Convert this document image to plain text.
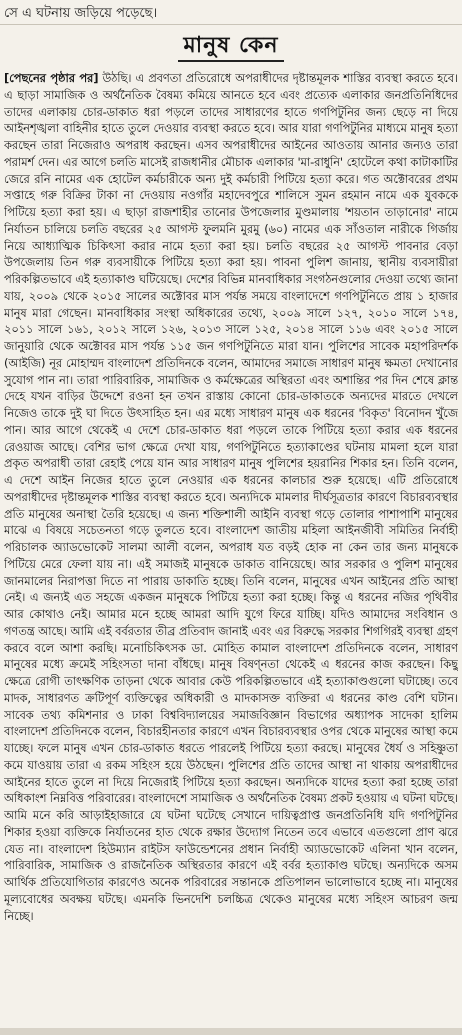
সে এ ঘটনায় জড়িয়ে পড়েছে।
মানুষ কেন
[পেছনের পৃষ্ঠার পর] উঠছি। এ প্রবণতা প্রতিরোধে অপরাধীদের দৃষ্টান্তমূলক শাস্তির ব্যবস্থা করতে হবে। এ ছাড়া সামাজিক ও অর্থনৈতিক বৈষম্য কমিয়ে আনতে হবে এবং প্রত্যেক এলাকার জনপ্রতিনিধিদের তাদের এলাকায় চোর-ডাকাত ধরা পড়লে তাদের সাধারণের হাতে গণপিটুনির জন্য ছেড়ে না দিয়ে আইনশৃঙ্খলা বাহিনীর হাতে তুলে দেওয়ার ব্যবস্থা করতে হবে। আর যারা গণপিটুনির মাধ্যমে মানুষ হত্যা করছেন তারা নিজেরাও অপরাধ করছেন। এসব অপরাধীদের আইনের আওতায় আনার জন্যও তারা পরামর্শ দেন। এর আগে চলতি মাসেই রাজধানীর মৌচাক এলাকার 'মা-রাধুনি' হোটেলে কথা কাটাকাটির জেরে রনি নামের এক হোটেল কর্মচারীকে অন্য দুই কর্মচারী পিটিয়ে হত্যা করে। গত অক্টোবরের প্রথম সপ্তাহে গরু বিক্রির টাকা না দেওয়ায় নওগাঁর মহাদেবপুরে শালিসে সুমন রহমান নামে এক যুবককে পিটিয়ে হত্যা করা হয়। এ ছাড়া রাজশাহীর তানোর উপজেলার মুণ্ডমালায় 'শয়তান তাড়ানোর' নামে নির্যাতন চালিয়ে চলতি বছরের ২৫ আগস্ট ফুলমনি মুরমু (৬০) নামের এক সাঁওতাল নারীকে গির্জায় নিয়ে আধ্যাত্মিক চিকিৎসা করার নামে হত্যা করা হয়। চলতি বছরের ২৫ আগস্ট পাবনার বেড়া উপজেলায় তিন গরু ব্যবসায়ীকে পিটিয়ে হত্যা করা হয়। পাবনা পুলিশ জানায়, স্থানীয় ব্যবসায়ীরা পরিকল্পিতভাবে এই হত্যাকাণ্ড ঘটিয়েছে। দেশের বিভিন্ন মানবাধিকার সংগঠনগুলোর দেওয়া তথ্যে জানা যায়, ২০০৯ থেকে ২০১৫ সালের অক্টোবর মাস পর্যন্ত সময়ে বাংলাদেশে গণপিটুনিতে প্রায় ১ হাজার মানুষ মারা গেছেন। মানবাধিকার সংস্থা অধিকারের তথ্যে, ২০০৯ সালে ১২৭, ২০১০ সালে ১৭৪, ২০১১ সালে ১৬১, ২০১২ সালে ১২৬, ২০১৩ সালে ১২৫, ২০১৪ সালে ১১৬ এবং ২০১৫ সালে জানুয়ারি থেকে অক্টোবর মাস পর্যন্ত ১১৫ জন গণপিটুনিতে মারা যান। পুলিশের সাবেক মহাপরিদর্শক (আইজি) নূর মোহাম্মদ বাংলাদেশ প্রতিদিনকে বলেন, আমাদের সমাজে সাধারণ মানুষ ক্ষমতা দেখানোর সুযোগ পান না। তারা পারিবারিক, সামাজিক ও কর্মক্ষেত্রের অস্থিরতা এবং অশান্তির পর দিন শেষে ক্লান্ত দেহে যখন বাড়ির উদ্দেশে রওনা হন তখন রাস্তায় কোনো চোর-ডাকাতকে অন্যদের মারতে দেখলে নিজেও তাকে দুই ঘা দিতে উৎসাহিত হন। এর মধ্যে সাধারণ মানুষ এক ধরনের 'বিকৃত' বিনোদন খুঁজে পান। আর আগে থেকেই এ দেশে চোর-ডাকাত ধরা পড়লে তাকে পিটিয়ে হত্যা করার এক ধরনের রেওয়াজ আছে। বেশির ভাগ ক্ষেত্রে দেখা যায়, গণপিটুনিতে হত্যাকাণ্ডের ঘটনায় মামলা হলে যারা প্রকৃত অপরাধী তারা রেহাই পেয়ে যান আর সাধারণ মানুষ পুলিশের হয়রানির শিকার হন। তিনি বলেন, এ দেশে আইন নিজের হাতে তুলে নেওয়ার এক ধরনের কালচার শুরু হয়েছে। এটি প্রতিরোধে অপরাধীদের দৃষ্টান্তমূলক শাস্তির ব্যবস্থা করতে হবে। অন্যদিকে মামলার দীর্ঘসূত্রতার কারণে বিচারব্যবস্থার প্রতি মানুষের অনাস্থা তৈরি হয়েছে। এ জন্য শক্তিশালী আইনি ব্যবস্থা গড়ে তোলার পাশাপাশি মানুষের মাঝে এ বিষয়ে সচেতনতা গড়ে তুলতে হবে। বাংলাদেশ জাতীয় মহিলা আইনজীবী সমিতির নির্বাহী পরিচালক অ্যাডভোকেট সালমা আলী বলেন, অপরাধ যত বড়ই হোক না কেন তার জন্য মানুষকে পিটিয়ে মেরে ফেলা যায় না। এই সমাজই মানুষকে ডাকাত বানিয়েছে। আর সরকার ও পুলিশ মানুষের জানমালের নিরাপত্তা দিতে না পারায় ডাকাতি হচ্ছে। তিনি বলেন, মানুষের এখন আইনের প্রতি আস্থা নেই। এ জন্যই এত সহজে একজন মানুষকে পিটিয়ে হত্যা করা হচ্ছে। কিন্তু এ ধরনের নজির পৃথিবীর আর কোথাও নেই। আমার মনে হচ্ছে আমরা আদি যুগে ফিরে যাচ্ছি। যদিও আমাদের সংবিধান ও গণতন্ত্র আছে। আমি এই বর্বরতার তীব্র প্রতিবাদ জানাই এবং এর বিরুদ্ধে সরকার শিগগিরই ব্যবস্থা গ্রহণ করবে বলে আশা করছি। মনোচিকিৎসক ডা. মোহিত কামাল বাংলাদেশ প্রতিদিনকে বলেন, সাধারণ মানুষের মধ্যে ক্রমেই সহিংসতা দানা বাঁধছে। মানুষ বিষণ্নতা থেকেই এ ধরনের কাজ করছেন। কিছু ক্ষেত্রে রোগী তাৎক্ষণিক তাড়না থেকে আবার কেউ পরিকল্পিতভাবে এই হত্যাকাণ্ডগুলো ঘটাচ্ছে। তবে মাদক, সাধারণত ক্রটিপূর্ণ ব্যক্তিত্বের অধিকারী ও মাদকাসক্ত ব্যক্তিরা এ ধরনের কাণ্ড বেশি ঘটান। সাবেক তথ্য কমিশনার ও ঢাকা বিশ্ববিদ্যালয়ের সমাজবিজ্ঞান বিভাগের অধ্যাপক সাদেকা হালিম বাংলাদেশ প্রতিদিনকে বলেন, বিচারহীনতার কারণে এখন বিচারব্যবস্থার ওপর থেকে মানুষের আস্থা কমে যাচ্ছে। ফলে মানুষ এখন চোর-ডাকাত ধরতে পারলেই পিটিয়ে হত্যা করছে। মানুষের ধৈর্য ও সহিষ্ণুতা কমে যাওয়ায় তারা এ রকম সহিংস হয়ে উঠছেন। পুলিশের প্রতি তাদের আস্থা না থাকায় অপরাধীদের আইনের হাতে তুলে না দিয়ে নিজেরাই পিটিয়ে হত্যা করছেন। অন্যদিকে যাদের হত্যা করা হচ্ছে তারা অধিকাংশ নিম্নবিত্ত পরিবারের। বাংলাদেশে সামাজিক ও অর্থনৈতিক বৈষম্য প্রকট হওয়ায় এ ঘটনা ঘটছে। আমি মনে করি আড়াইহাজারে যে ঘটনা ঘটেছে সেখানে দায়িত্বপ্রাপ্ত জনপ্রতিনিধি যদি গণপিটুনির শিকার হওয়া ব্যক্তিকে নির্যাতনের হাত থেকে রক্ষার উদ্যোগ নিতেন তবে এভাবে এতগুলো প্রাণ ঝরে যেত না। বাংলাদেশ হিউম্যান রাইটস ফাউন্ডেশনের প্রধান নির্বাহী অ্যাডভোকেট এলিনা খান বলেন, পারিবারিক, সামাজিক ও রাজনৈতিক অস্থিরতার কারণে এই বর্বর হত্যাকাণ্ড ঘটছে। অন্যদিকে অসম আর্থিক প্রতিযোগিতার কারণেও অনেক পরিবারের সন্তানকে প্রতিপালন ভালোভাবে হচ্ছে না। মানুষের মূল্যবোধের অবক্ষয় ঘটছে। এমনকি ভিনদেশি চলচ্চিত্র থেকেও মানুষের মধ্যে সহিংস আচরণ জন্ম নিচ্ছে।
